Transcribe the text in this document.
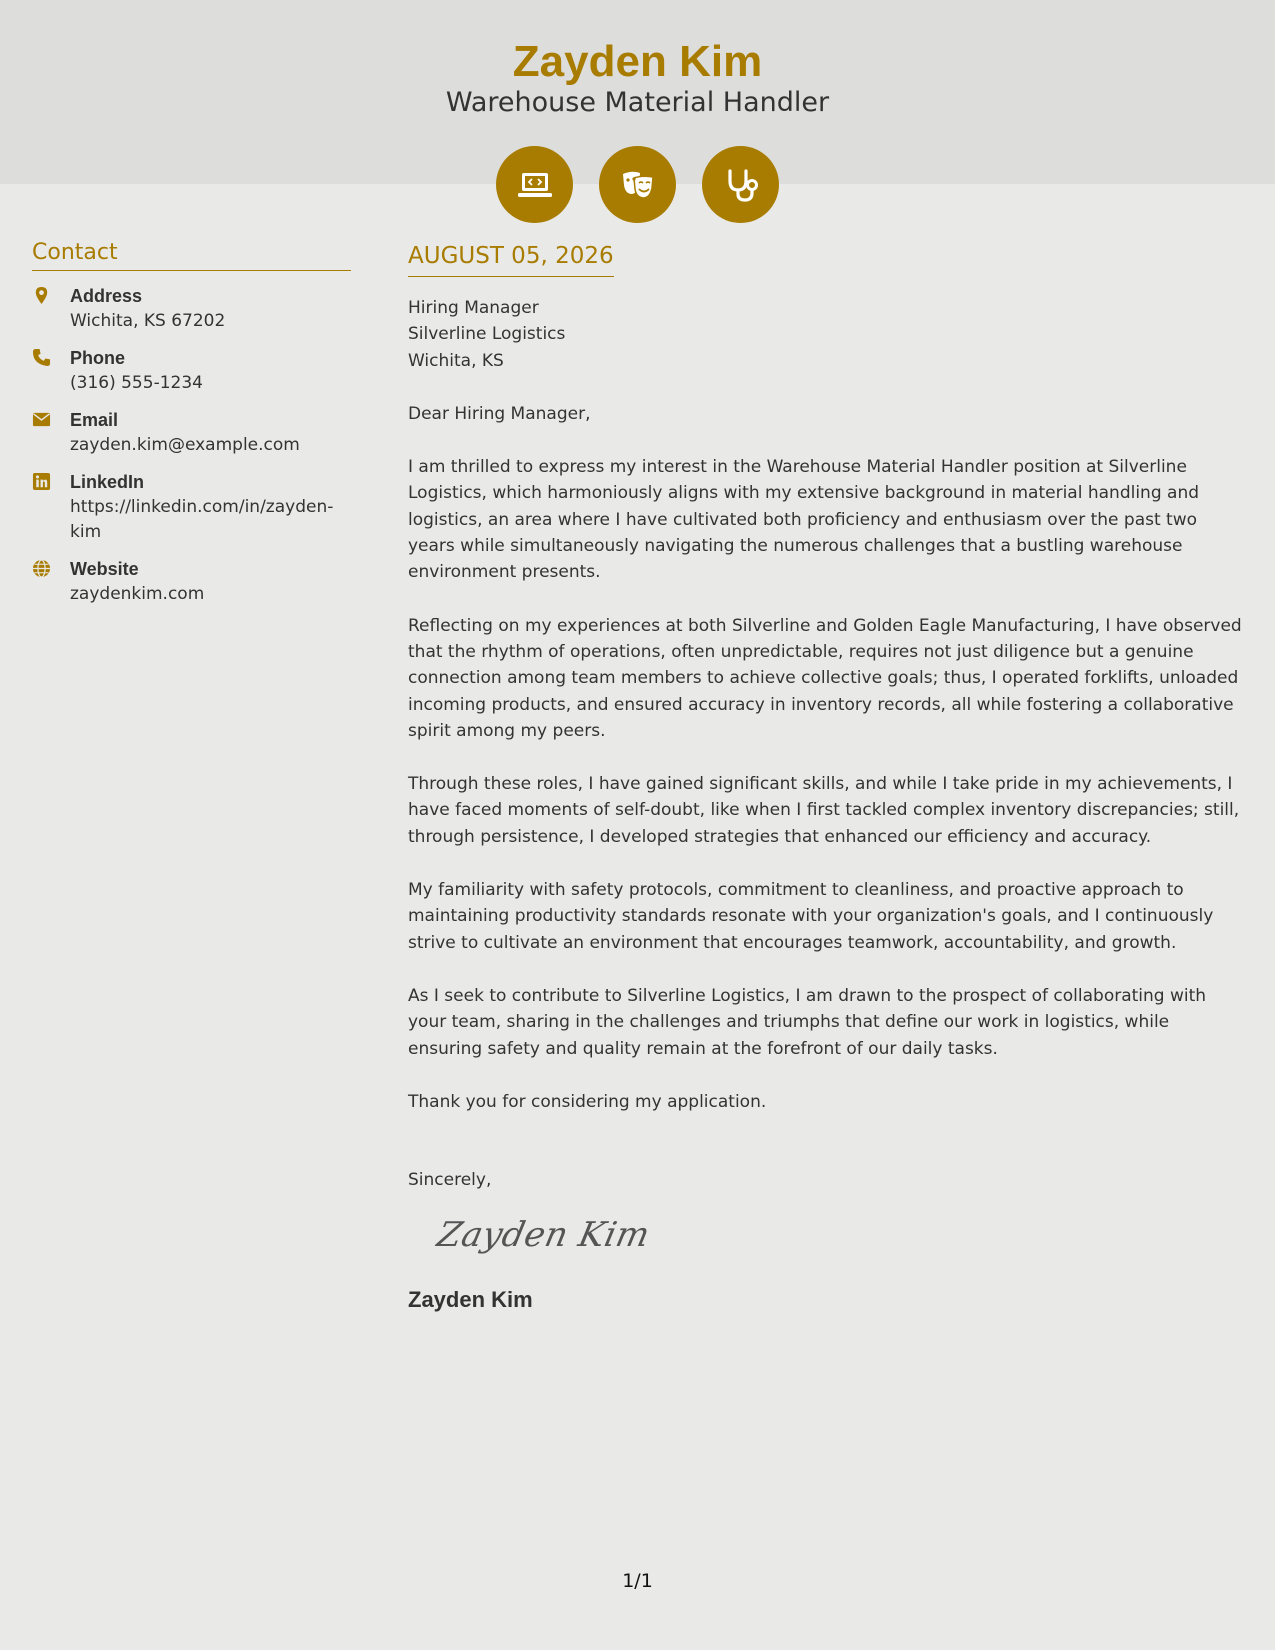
Zayden Kim
Warehouse Material Handler
Contact
Address
Wichita, KS 67202
Phone
(316) 555-1234
Email
zayden.kim@example.com
LinkedIn
https://linkedin.com/in/zayden-
kim
Website
zaydenkim.com
AUGUST 05, 2026
Hiring Manager
Silverline Logistics
Wichita, KS
Dear Hiring Manager,
I am thrilled to express my interest in the Warehouse Material Handler position at Silverline Logistics, which harmoniously aligns with my extensive background in material handling and logistics, an area where I have cultivated both proficiency and enthusiasm over the past two years while simultaneously navigating the numerous challenges that a bustling warehouse environment presents.
Reflecting on my experiences at both Silverline and Golden Eagle Manufacturing, I have observed that the rhythm of operations, often unpredictable, requires not just diligence but a genuine connection among team members to achieve collective goals; thus, I operated forklifts, unloaded incoming products, and ensured accuracy in inventory records, all while fostering a collaborative spirit among my peers.
Through these roles, I have gained significant skills, and while I take pride in my achievements, I have faced moments of self-doubt, like when I first tackled complex inventory discrepancies; still, through persistence, I developed strategies that enhanced our efficiency and accuracy.
My familiarity with safety protocols, commitment to cleanliness, and proactive approach to maintaining productivity standards resonate with your organization's goals, and I continuously strive to cultivate an environment that encourages teamwork, accountability, and growth.
As I seek to contribute to Silverline Logistics, I am drawn to the prospect of collaborating with your team, sharing in the challenges and triumphs that define our work in logistics, while ensuring safety and quality remain at the forefront of our daily tasks.
Thank you for considering my application.
Sincerely,
Zayden Kim
Zayden Kim
1/1
